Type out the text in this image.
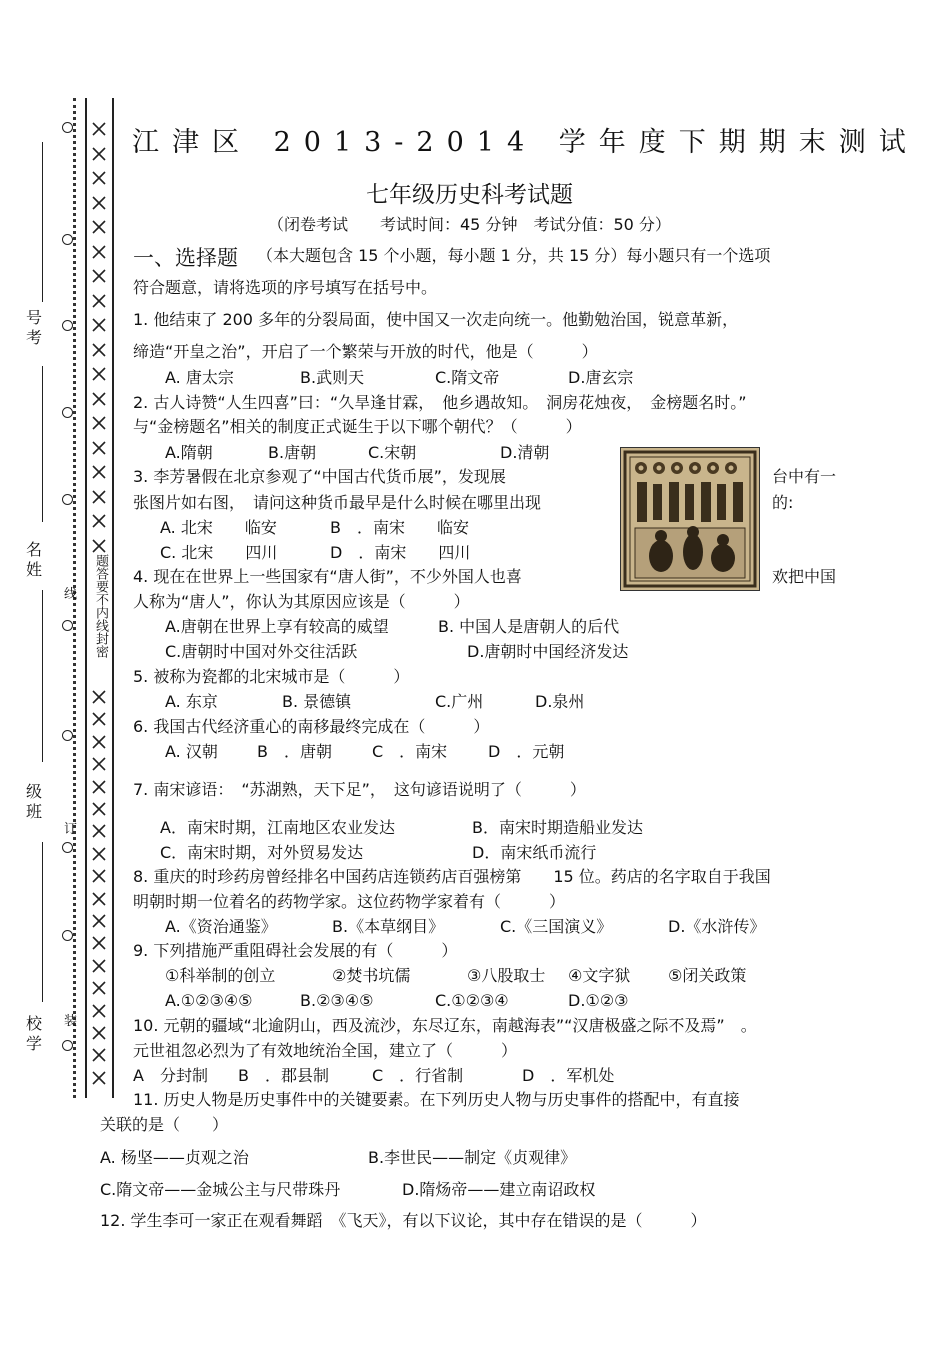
号
考
名
姓
级
班
校
学
线
订
装
题答要不内线封密
江津区 2013-2014 学年度下期期末测试
七年级历史科考试题
（闭卷考试　　考试时间：45 分钟　考试分值：50 分）
一、选择题 （本大题包含 15 个小题，每小题 1 分，共 15 分）每小题只有一个选项
符合题意，请将选项的序号填写在括号中。
1. 他结束了 200 多年的分裂局面，使中国又一次走向统一。他勤勉治国，锐意革新，
缔造“开皇之治”，开启了一个繁荣与开放的时代，他是（　　　）
A. 唐太宗	B.武则天	C.隋文帝	D.唐玄宗
2. 古人诗赞“人生四喜”曰：“久旱逢甘霖，　他乡遇故知。　洞房花烛夜，　金榜题名时。”
与“金榜题名”相关的制度正式诞生于以下哪个朝代？（　　　）
A.隋朝	B.唐朝	C.宋朝	D.清朝
3. 李芳暑假在北京参观了“中国古代货币展”，发现展	台中有一
张图片如右图，　请问这种货币最早是什么时候在哪里出现	的:
A. 北宋　　临安	B　．南宋　　临安
C. 北宋　　四川	D　．南宋　　四川
4. 现在在世界上一些国家有“唐人街”，不少外国人也喜	欢把中国
人称为“唐人”，你认为其原因应该是（　　　）
A.唐朝在世界上享有较高的威望	B. 中国人是唐朝人的后代
C.唐朝时中国对外交往活跃	D.唐朝时中国经济发达
5. 被称为瓷都的北宋城市是（　　　）
A. 东京	B. 景德镇	C.广州	D.泉州
6. 我国古代经济重心的南移最终完成在（　　　）
A. 汉朝 B　．唐朝	C　．南宋	D　．元朝
7. 南宋谚语：　“苏湖熟，天下足”，　这句谚语说明了（　　　）
A．南宋时期，江南地区农业发达	B．南宋时期造船业发达
C．南宋时期，对外贸易发达	D．南宋纸币流行
8. 重庆的时珍药房曾经排名中国药店连锁药店百强榜第　　15 位。药店的名字取自于我国
明朝时期一位着名的药物学家。这位药物学家着有（　　　）
A.《资治通鉴》	B.《本草纲目》	C.《三国演义》	D.《水浒传》
9. 下列措施严重阻碍社会发展的有（　　　）
①科举制的创立	②焚书坑儒	③八股取士 ④文字狱 ⑤闭关政策
A.①②③④⑤	B.②③④⑤	C.①②③④	D.①②③
10. 元朝的疆域“北逾阴山，西及流沙，东尽辽东，南越海表”“汉唐极盛之际不及焉”　。
元世祖忽必烈为了有效地统治全国，建立了（　　　）
A　分封制 B　．郡县制	C　．行省制	D　．军机处
11. 历史人物是历史事件中的关键要素。在下列历史人物与历史事件的搭配中，有直接
关联的是（　　）
A. 杨坚——贞观之治	B.李世民——制定《贞观律》
C.隋文帝——金城公主与尺带珠丹	D.隋炀帝——建立南诏政权
12. 学生李可一家正在观看舞蹈　《飞天》，有以下议论，其中存在错误的是（　　　）
